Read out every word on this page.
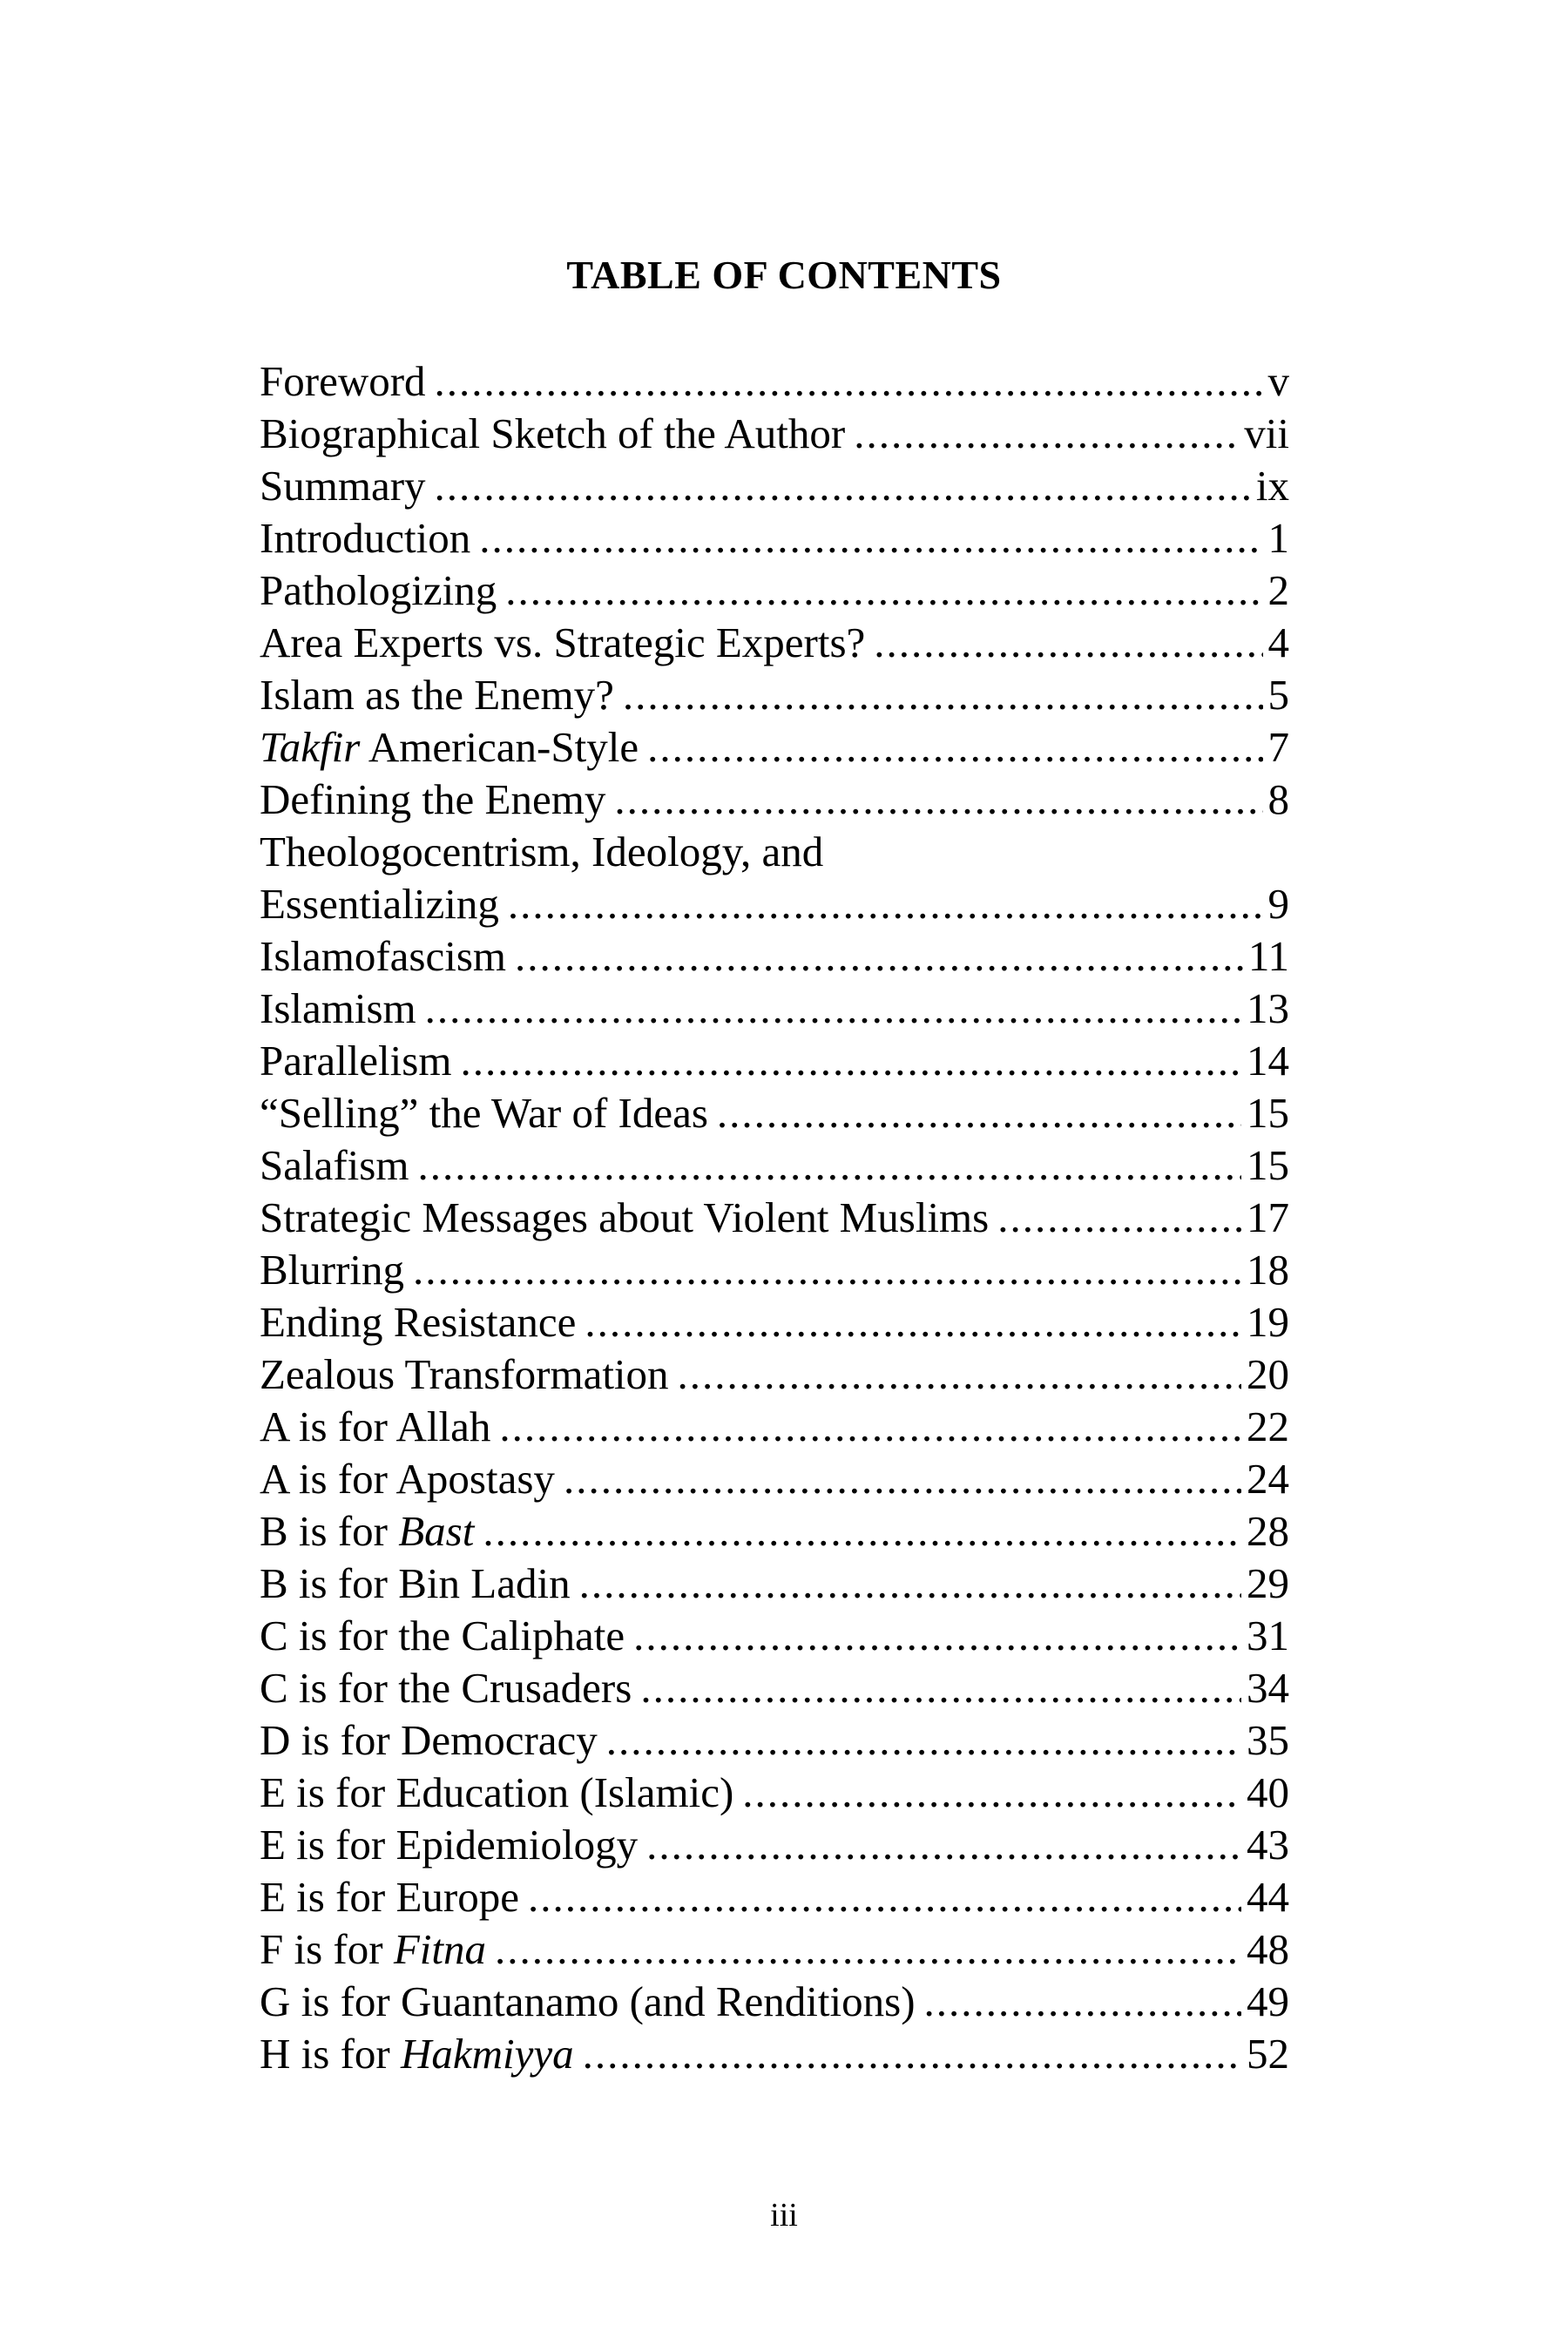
TABLE OF CONTENTS
Foreword .....	v
Biographical Sketch of the Author .....	vii
Summary .....	ix
Introduction .....	1
Pathologizing .....	2
Area Experts vs. Strategic Experts? .....	4
Islam as the Enemy? .....	5
Takfir American-Style .....	7
Defining the Enemy .....	8
Theologocentrism, Ideology, and
Essentializing .....	9
Islamofascism .....	11
Islamism .....	13
Parallelism .....	14
“Selling” the War of Ideas .....	15
Salafism .....	15
Strategic Messages about Violent Muslims .....	17
Blurring .....	18
Ending Resistance .....	19
Zealous Transformation .....	20
A is for Allah .....	22
A is for Apostasy .....	24
B is for Bast .....	28
B is for Bin Ladin .....	29
C is for the Caliphate .....	31
C is for the Crusaders .....	34
D is for Democracy .....	35
E is for Education (Islamic) .....	40
E is for Epidemiology .....	43
E is for Europe .....	44
F is for Fitna .....	48
G is for Guantanamo (and Renditions) .....	49
H is for Hakmiyya .....	52
iii
